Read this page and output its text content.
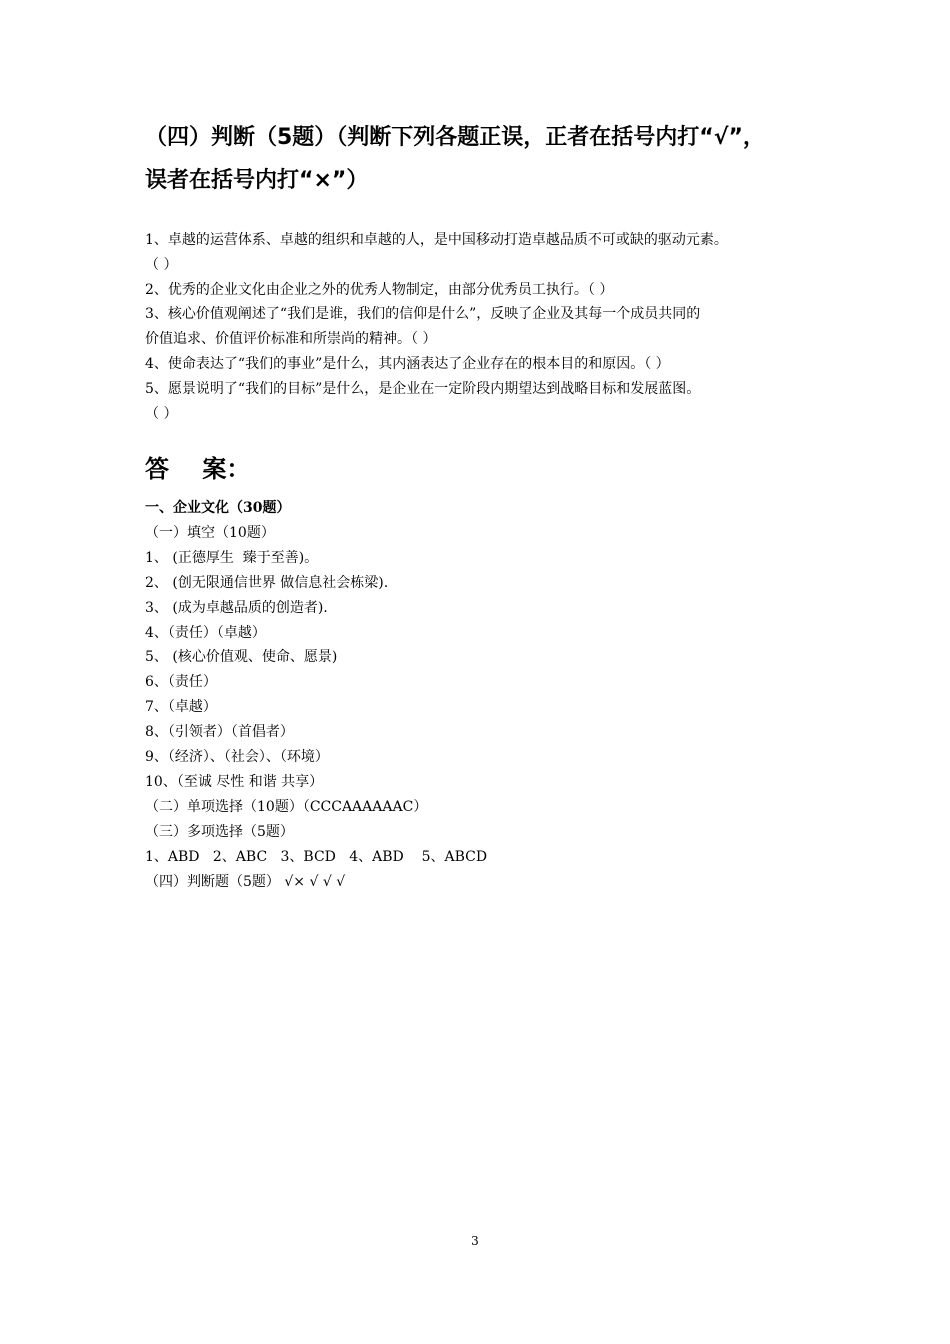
（四）判断（5题）（判断下列各题正误，正者在括号内打“√”，
误者在括号内打“×”）
1、卓越的运营体系、卓越的组织和卓越的人，是中国移动打造卓越品质不可或缺的驱动元素。
（ ）
2、优秀的企业文化由企业之外的优秀人物制定，由部分优秀员工执行。（ ）
3、核心价值观阐述了“我们是谁，我们的信仰是什么”，反映了企业及其每一个成员共同的
价值追求、价值评价标准和所崇尚的精神。（ ）
4、使命表达了“我们的事业”是什么，其内涵表达了企业存在的根本目的和原因。（ ）
5、愿景说明了“我们的目标”是什么，是企业在一定阶段内期望达到战略目标和发展蓝图。
（ ）
答    案：
一、企业文化（30题）
（一）填空（10题）
1、 (正德厚生  臻于至善)。
2、 (创无限通信世界 做信息社会栋梁).
3、 (成为卓越品质的创造者).
4、（责任）（卓越）
5、 (核心价值观、使命、愿景)
6、（责任）
7、（卓越）
8、（引领者）（首倡者）
9、（经济）、（社会）、（环境）
10、（至诚 尽性 和谐 共享）
（二）单项选择（10题）（CCCAAAAAAC）
（三）多项选择（5题）
1、ABD   2、ABC   3、BCD   4、ABD    5、ABCD
（四）判断题（5题） √× √ √ √
3
